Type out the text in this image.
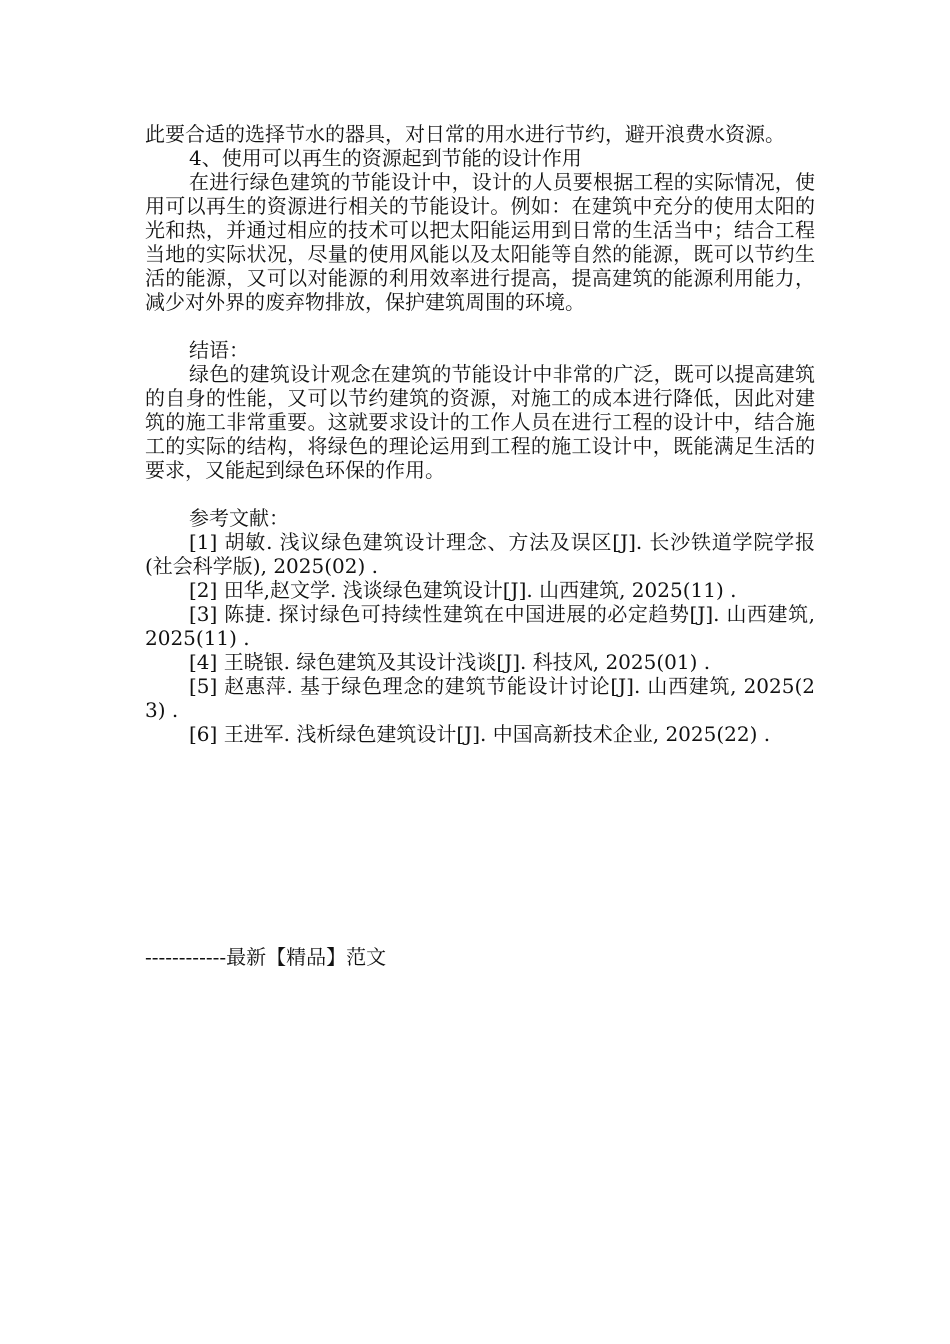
此要合适的选择节水的器具，对日常的用水进行节约，避开浪费水资源。

4、使用可以再生的资源起到节能的设计作用

在进行绿色建筑的节能设计中，设计的人员要根据工程的实际情况，使用可以再生的资源进行相关的节能设计。例如：在建筑中充分的使用太阳的光和热，并通过相应的技术可以把太阳能运用到日常的生活当中；结合工程当地的实际状况，尽量的使用风能以及太阳能等自然的能源，既可以节约生活的能源，又可以对能源的利用效率进行提高，提高建筑的能源利用能力，减少对外界的废弃物排放，保护建筑周围的环境。

结语：

绿色的建筑设计观念在建筑的节能设计中非常的广泛，既可以提高建筑的自身的性能，又可以节约建筑的资源，对施工的成本进行降低，因此对建筑的施工非常重要。这就要求设计的工作人员在进行工程的设计中，结合施工的实际的结构，将绿色的理论运用到工程的施工设计中，既能满足生活的要求，又能起到绿色环保的作用。

参考文献：

[1] 胡敏. 浅议绿色建筑设计理念、方法及误区[J]. 长沙铁道学院学报(社会科学版), 2025(02) .

[2] 田华,赵文学. 浅谈绿色建筑设计[J]. 山西建筑, 2025(11) .

[3] 陈捷. 探讨绿色可持续性建筑在中国进展的必定趋势[J]. 山西建筑, 2025(11) .

[4] 王晓银. 绿色建筑及其设计浅谈[J]. 科技风, 2025(01) .

[5] 赵惠萍. 基于绿色理念的建筑节能设计讨论[J]. 山西建筑, 2025(23) .

[6] 王进军. 浅析绿色建筑设计[J]. 中国高新技术企业, 2025(22) .

------------最新【精品】范文
